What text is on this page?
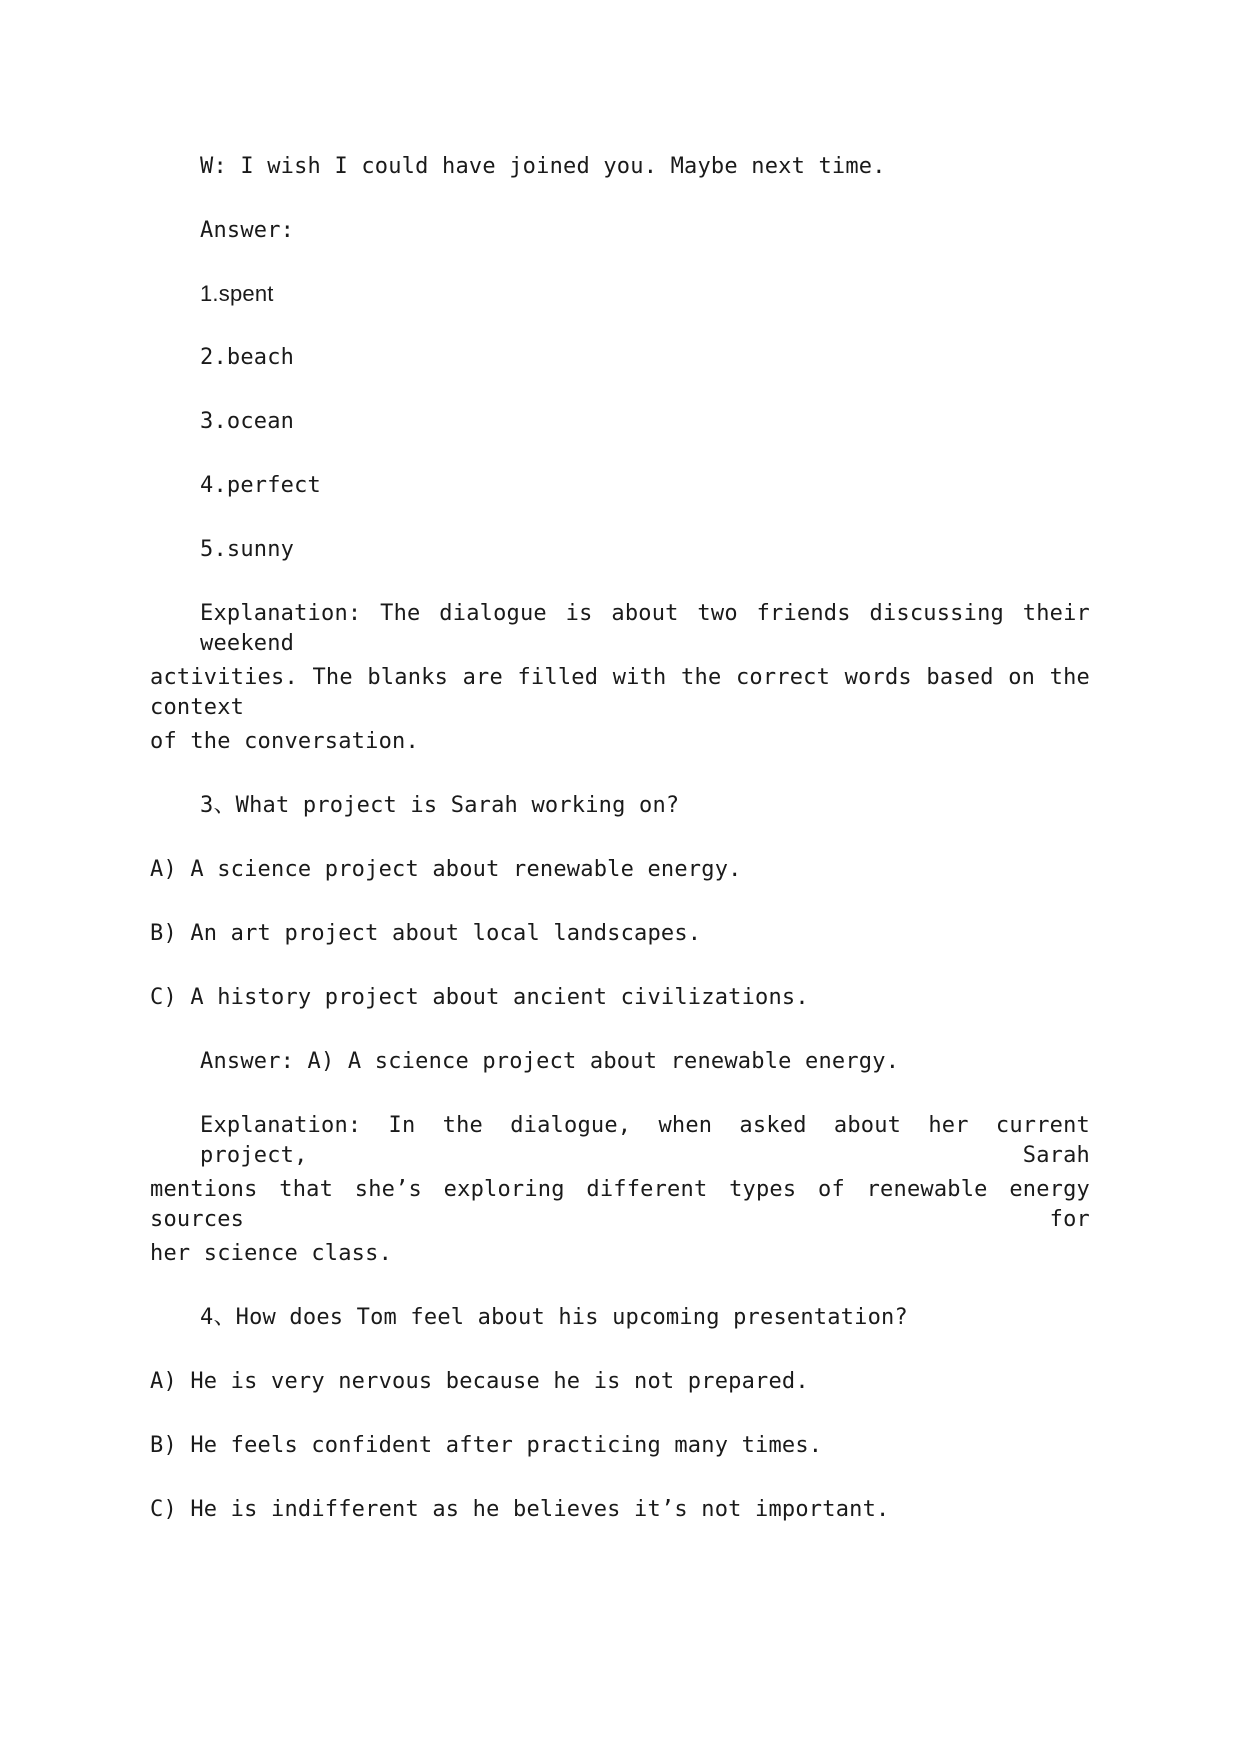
W: I wish I could have joined you. Maybe next time.
Answer:
1.spent
2.beach
3.ocean
4.perfect
5.sunny
Explanation: The dialogue is about two friends discussing their weekend
activities. The blanks are filled with the correct words based on the context
of the conversation.
3、What project is Sarah working on?
A) A science project about renewable energy.
B) An art project about local landscapes.
C) A history project about ancient civilizations.
Answer: A) A science project about renewable energy.
Explanation: In the dialogue, when asked about her current project, Sarah
mentions that she’s exploring different types of renewable energy sources for
her science class.
4、How does Tom feel about his upcoming presentation?
A) He is very nervous because he is not prepared.
B) He feels confident after practicing many times.
C) He is indifferent as he believes it’s not important.
